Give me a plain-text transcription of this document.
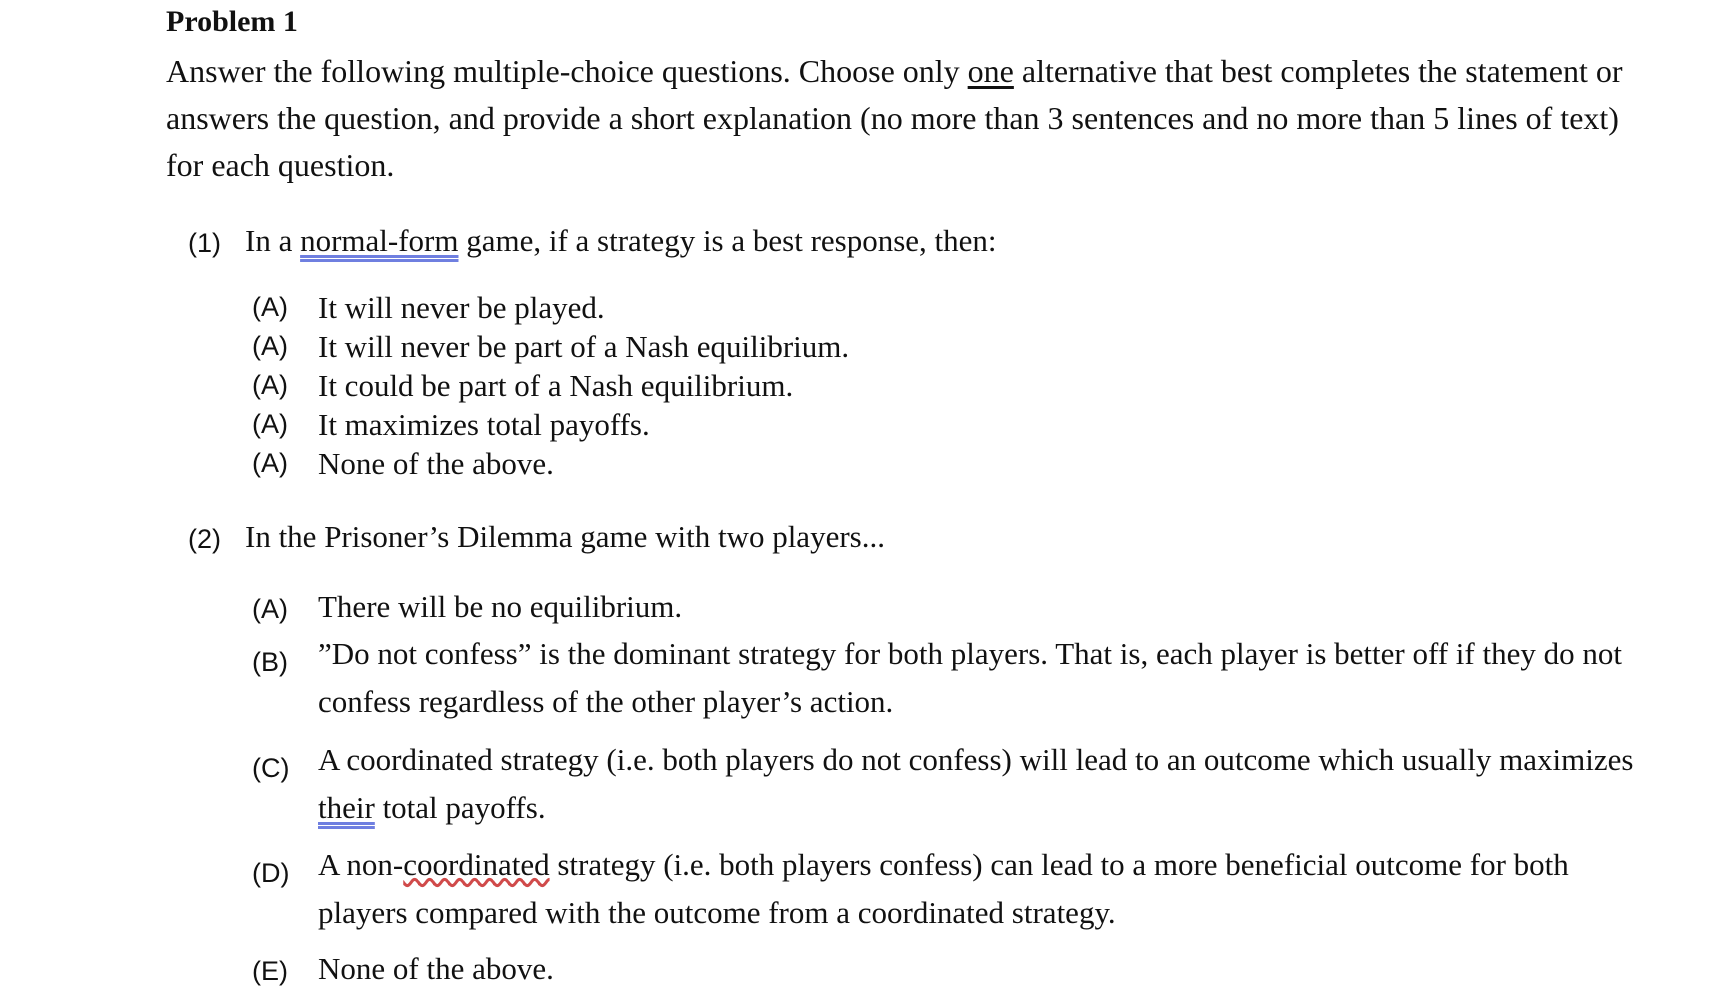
Problem 1
Answer the following multiple-choice questions. Choose only one alternative that best completes the statement or answers the question, and provide a short explanation (no more than 3 sentences and no more than 5 lines of text) for each question.
(1) In a normal-form game, if a strategy is a best response, then:
(A) It will never be played.
(A) It will never be part of a Nash equilibrium.
(A) It could be part of a Nash equilibrium.
(A) It maximizes total payoffs.
(A) None of the above.
(2) In the Prisoner’s Dilemma game with two players...
(A) There will be no equilibrium.
(B) ”Do not confess” is the dominant strategy for both players. That is, each player is better off if they do not confess regardless of the other player’s action.
(C) A coordinated strategy (i.e. both players do not confess) will lead to an outcome which usually maximizes their total payoffs.
(D) A non-coordinated strategy (i.e. both players confess) can lead to a more beneficial outcome for both players compared with the outcome from a coordinated strategy.
(E) None of the above.
